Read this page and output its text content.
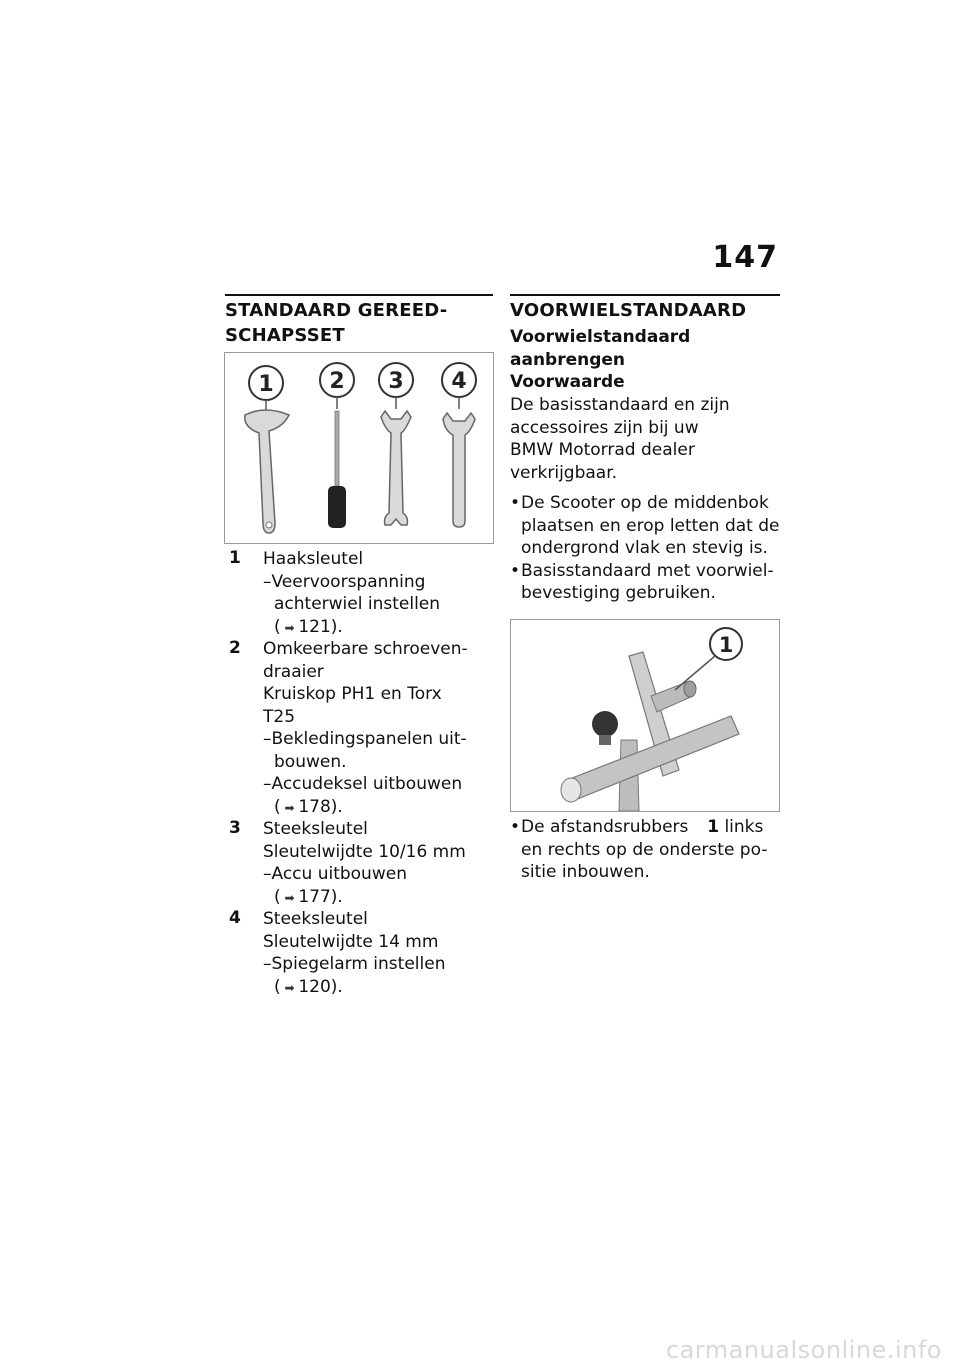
147
STANDAARD GEREED-
SCHAPSSET
1	2 3 4
1 Haaksleutel
–Veervoorspanning
achterwiel instellen
( ➡ 121).
2 Omkeerbare schroeven-
draaier
Kruiskop PH1 en Torx
T25
–Bekledingspanelen uit-
bouwen.
–Accudeksel uitbouwen
( ➡ 178).
3 Steeksleutel
Sleutelwijdte 10/16 mm
–Accu uitbouwen
( ➡ 177).
4 Steeksleutel
Sleutelwijdte 14 mm
–Spiegelarm instellen
( ➡ 120).
VOORWIELSTANDAARD
Voorwielstandaard
aanbrengen
Voorwaarde
De basisstandaard en zijn
accessoires zijn bij uw
BMW Motorrad dealer
verkrijgbaar.
• De Scooter op de middenbok
plaatsen en erop letten dat de
ondergrond vlak en stevig is.
• Basisstandaard met voorwiel-
bevestiging gebruiken.
1
• De afstandsrubbers 1 links
en rechts op de onderste po-
sitie inbouwen.
carmanualsonline.info
